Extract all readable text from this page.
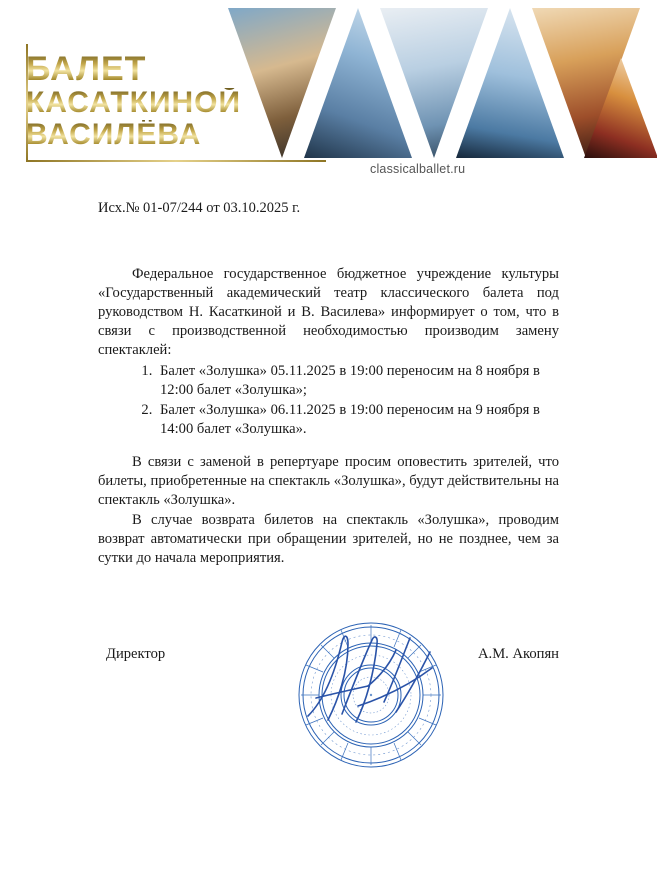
БАЛЕТ
КАСАТКИНОЙ
ВАСИЛЁВА
classicalballet.ru
Исх.№ 01-07/244 от 03.10.2025 г.

Федеральное государственное бюджетное учреждение культуры «Государственный академический театр классического балета под руководством Н. Касаткиной и В. Василева» информирует о том, что в связи с производственной необходимостью производим замену спектаклей:

1. Балет «Золушка» 05.11.2025 в 19:00 переносим на 8 ноября в 12:00 балет «Золушка»;
2. Балет «Золушка» 06.11.2025 в 19:00 переносим на 9 ноября в 14:00 балет «Золушка».

В связи с заменой в репертуаре просим оповестить зрителей, что билеты, приобретенные на спектакль «Золушка», будут действительны на спектакль «Золушка».

В случае возврата билетов на спектакль «Золушка», проводим возврат автоматически при обращении зрителей, но не позднее, чем за сутки до начала мероприятия.

Директор	А.М. Акопян
